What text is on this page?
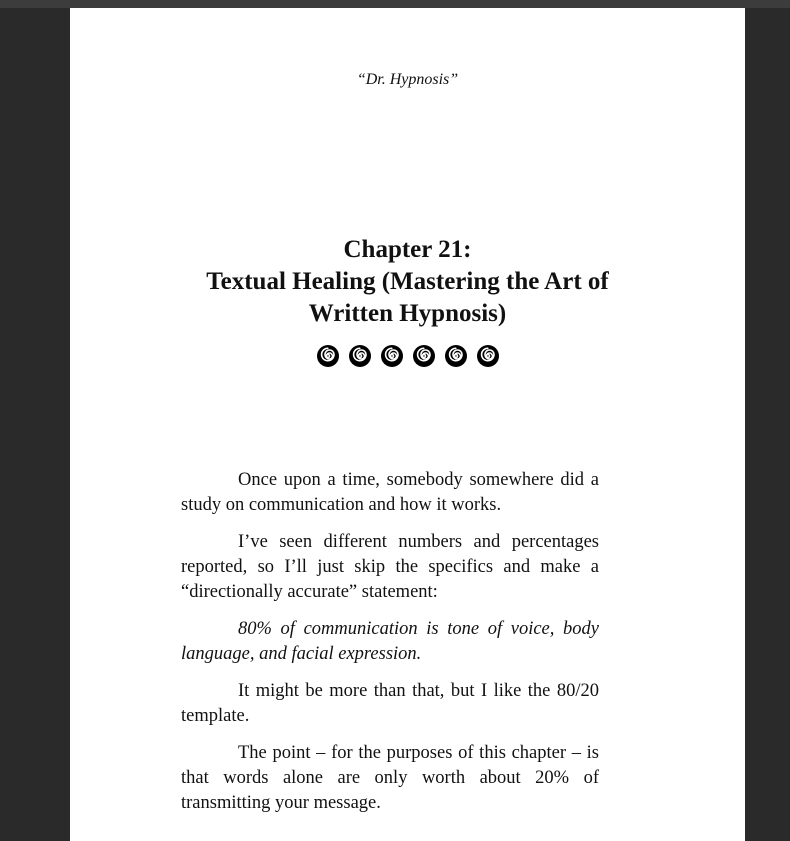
“Dr. Hypnosis”
Chapter 21:
Textual Healing (Mastering the Art of
Written Hypnosis)

Once upon a time, somebody somewhere did a study on communication and how it works.

I’ve seen different numbers and percentages reported, so I’ll just skip the specifics and make a “directionally accurate” statement:

80% of communication is tone of voice, body language, and facial expression.

It might be more than that, but I like the 80/20 template.

The point – for the purposes of this chapter – is that words alone are only worth about 20% of transmitting your message.
